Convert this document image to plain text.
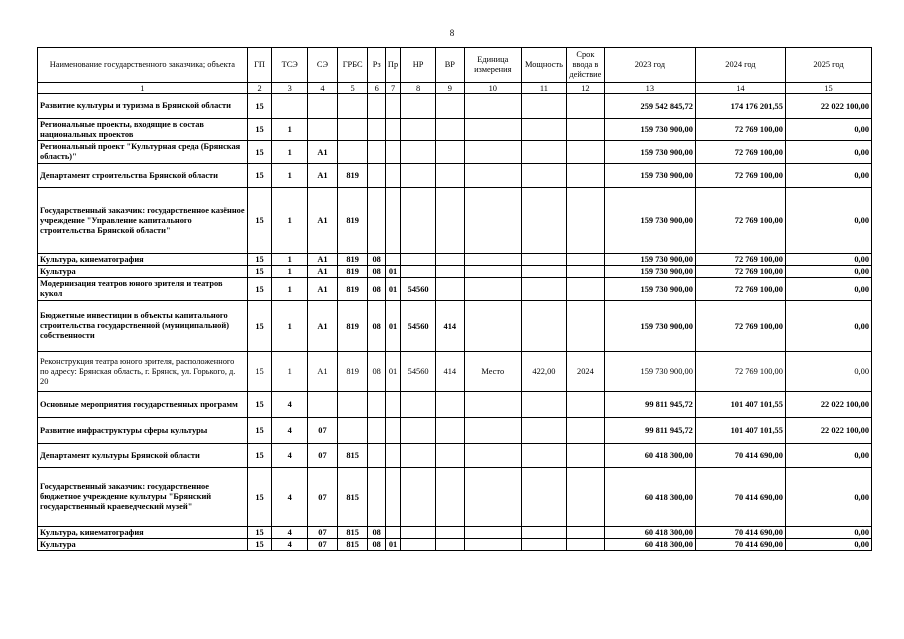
8
Наименование государственного заказчика; объекта	ГП	ТСЭ	СЭ	ГРБС	Рз	Пр	НР	ВР	Единица измерения	Мощность	Срок ввода в действие	2023 год	2024 год	2025 год
1	2	3	4	5	6	7	8	9	10	11	12	13	14	15
Развитие культуры и туризма в Брянской области	15											259 542 845,72	174 176 201,55	22 022 100,00
Региональные проекты, входящие в состав национальных проектов	15	1										159 730 900,00	72 769 100,00	0,00
Региональный проект "Культурная среда (Брянская область)"	15	1	А1									159 730 900,00	72 769 100,00	0,00
Департамент строительства Брянской области	15	1	А1	819								159 730 900,00	72 769 100,00	0,00
Государственный заказчик: государственное казённое учреждение "Управление капитального строительства Брянской области"	15	1	А1	819								159 730 900,00	72 769 100,00	0,00
Культура, кинематография	15	1	А1	819	08							159 730 900,00	72 769 100,00	0,00
Культура	15	1	А1	819	08	01						159 730 900,00	72 769 100,00	0,00
Модернизация театров юного зрителя и театров кукол	15	1	А1	819	08	01	54560					159 730 900,00	72 769 100,00	0,00
Бюджетные инвестиции в объекты капитального строительства государственной (муниципальной) собственности	15	1	А1	819	08	01	54560	414				159 730 900,00	72 769 100,00	0,00
Реконструкция театра юного зрителя, расположенного по адресу: Брянская область, г. Брянск, ул. Горького, д. 20	15	1	А1	819	08	01	54560	414	Место	422,00	2024	159 730 900,00	72 769 100,00	0,00
Основные мероприятия государственных программ	15	4										99 811 945,72	101 407 101,55	22 022 100,00
Развитие инфраструктуры сферы культуры	15	4	07									99 811 945,72	101 407 101,55	22 022 100,00
Департамент культуры Брянской области	15	4	07	815								60 418 300,00	70 414 690,00	0,00
Государственный заказчик: государственное бюджетное учреждение культуры "Брянский государственный краеведческий музей"	15	4	07	815								60 418 300,00	70 414 690,00	0,00
Культура, кинематография	15	4	07	815	08							60 418 300,00	70 414 690,00	0,00
Культура	15	4	07	815	08	01						60 418 300,00	70 414 690,00	0,00
